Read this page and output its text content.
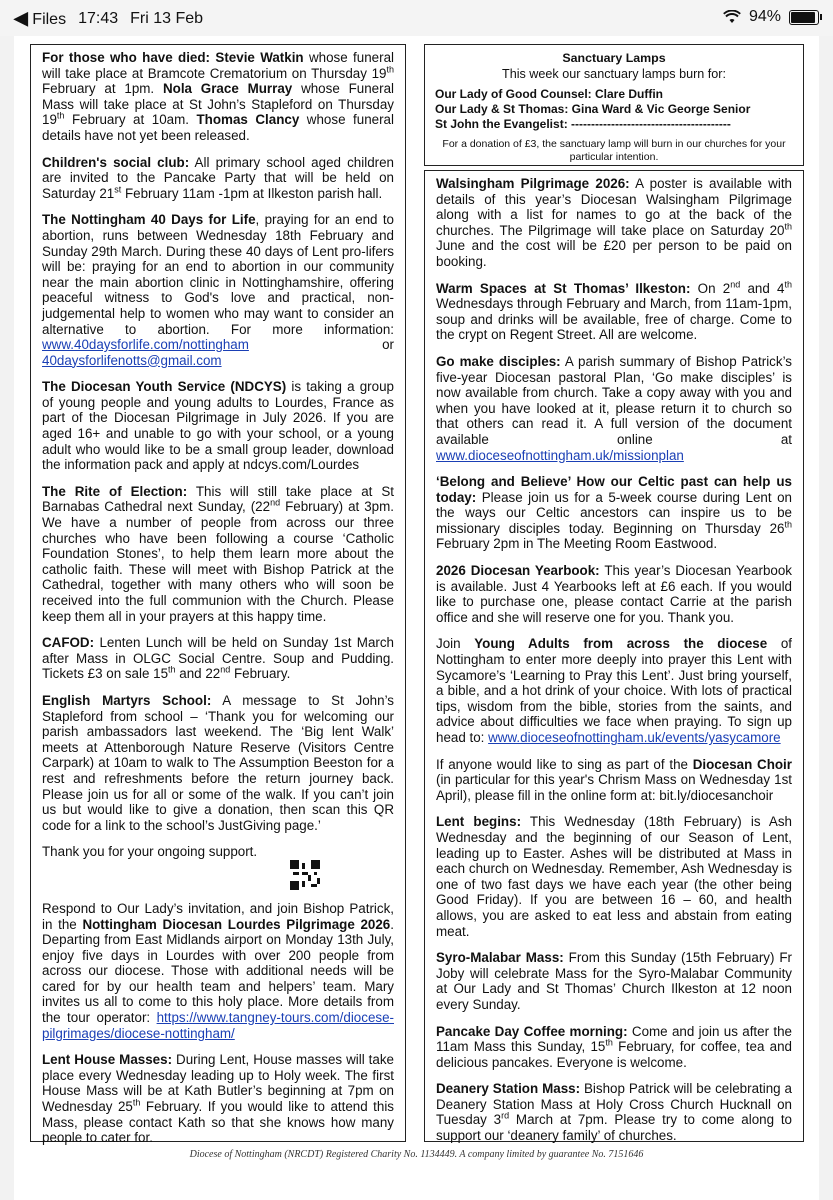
◀ Files 17:43 Fri 13 Feb	94%

For those who have died: Stevie Watkin whose funeral will take place at Bramcote Crematorium on Thursday 19th February at 1pm. Nola Grace Murray whose Funeral Mass will take place at St John’s Stapleford on Thursday 19th February at 10am. Thomas Clancy whose funeral details have not yet been released.

Children's social club: All primary school aged children are invited to the Pancake Party that will be held on Saturday 21st February 11am -1pm at Ilkeston parish hall.

The Nottingham 40 Days for Life, praying for an end to abortion, runs between Wednesday 18th February and Sunday 29th March. During these 40 days of Lent pro-lifers will be: praying for an end to abortion in our community near the main abortion clinic in Nottinghamshire, offering peaceful witness to God's love and practical, non-judgemental help to women who may want to consider an alternative to abortion. For more information: www.40daysforlife.com/nottingham or 40daysforlifenotts@gmail.com

The Diocesan Youth Service (NDCYS) is taking a group of young people and young adults to Lourdes, France as part of the Diocesan Pilgrimage in July 2026. If you are aged 16+ and unable to go with your school, or a young adult who would like to be a small group leader, download the information pack and apply at ndcys.com/Lourdes

The Rite of Election: This will still take place at St Barnabas Cathedral next Sunday, (22nd February) at 3pm. We have a number of people from across our three churches who have been following a course ‘Catholic Foundation Stones’, to help them learn more about the catholic faith. These will meet with Bishop Patrick at the Cathedral, together with many others who will soon be received into the full communion with the Church. Please keep them all in your prayers at this happy time.

CAFOD: Lenten Lunch will be held on Sunday 1st March after Mass in OLGC Social Centre. Soup and Pudding. Tickets £3 on sale 15th and 22nd February.

English Martyrs School: A message to St John’s Stapleford from school – ‘Thank you for welcoming our parish ambassadors last weekend. The ‘Big lent Walk’ meets at Attenborough Nature Reserve (Visitors Centre Carpark) at 10am to walk to The Assumption Beeston for a rest and refreshments before the return journey back. Please join us for all or some of the walk. If you can’t join us but would like to give a donation, then scan this QR code for a link to the school’s JustGiving page.’

Thank you for your ongoing support.

Respond to Our Lady’s invitation, and join Bishop Patrick, in the Nottingham Diocesan Lourdes Pilgrimage 2026. Departing from East Midlands airport on Monday 13th July, enjoy five days in Lourdes with over 200 people from across our diocese. Those with additional needs will be cared for by our health team and helpers’ team. Mary invites us all to come to this holy place. More details from the tour operator: https://www.tangney-tours.com/diocese-pilgrimages/diocese-nottingham/

Lent House Masses: During Lent, House masses will take place every Wednesday leading up to Holy week. The first House Mass will be at Kath Butler’s beginning at 7pm on Wednesday 25th February. If you would like to attend this Mass, please contact Kath so that she knows how many people to cater for.

Sanctuary Lamps
This week our sanctuary lamps burn for:
Our Lady of Good Counsel: Clare Duffin
Our Lady & St Thomas: Gina Ward & Vic George Senior
St John the Evangelist: ----------------------------------------
For a donation of £3, the sanctuary lamp will burn in our churches for your particular intention.

Walsingham Pilgrimage 2026: A poster is available with details of this year’s Diocesan Walsingham Pilgrimage along with a list for names to go at the back of the churches. The Pilgrimage will take place on Saturday 20th June and the cost will be £20 per person to be paid on booking.

Warm Spaces at St Thomas’ Ilkeston: On 2nd and 4th Wednesdays through February and March, from 11am-1pm, soup and drinks will be available, free of charge. Come to the crypt on Regent Street. All are welcome.

Go make disciples: A parish summary of Bishop Patrick’s five-year Diocesan pastoral Plan, ‘Go make disciples’ is now available from church. Take a copy away with you and when you have looked at it, please return it to church so that others can read it. A full version of the document available online at www.dioceseofnottingham.uk/missionplan

‘Belong and Believe’ How our Celtic past can help us today: Please join us for a 5-week course during Lent on the ways our Celtic ancestors can inspire us to be missionary disciples today. Beginning on Thursday 26th February 2pm in The Meeting Room Eastwood.

2026 Diocesan Yearbook: This year’s Diocesan Yearbook is available. Just 4 Yearbooks left at £6 each. If you would like to purchase one, please contact Carrie at the parish office and she will reserve one for you. Thank you.

Join Young Adults from across the diocese of Nottingham to enter more deeply into prayer this Lent with Sycamore’s ‘Learning to Pray this Lent’. Just bring yourself, a bible, and a hot drink of your choice. With lots of practical tips, wisdom from the bible, stories from the saints, and advice about difficulties we face when praying. To sign up head to: www.dioceseofnottingham.uk/events/yasycamore

If anyone would like to sing as part of the Diocesan Choir (in particular for this year's Chrism Mass on Wednesday 1st April), please fill in the online form at: bit.ly/diocesanchoir

Lent begins: This Wednesday (18th February) is Ash Wednesday and the beginning of our Season of Lent, leading up to Easter. Ashes will be distributed at Mass in each church on Wednesday. Remember, Ash Wednesday is one of two fast days we have each year (the other being Good Friday). If you are between 16 – 60, and health allows, you are asked to eat less and abstain from eating meat.

Syro-Malabar Mass: From this Sunday (15th February) Fr Joby will celebrate Mass for the Syro-Malabar Community at Our Lady and St Thomas’ Church Ilkeston at 12 noon every Sunday.

Pancake Day Coffee morning: Come and join us after the 11am Mass this Sunday, 15th February, for coffee, tea and delicious pancakes. Everyone is welcome.

Deanery Station Mass: Bishop Patrick will be celebrating a Deanery Station Mass at Holy Cross Church Hucknall on Tuesday 3rd March at 7pm. Please try to come along to support our ‘deanery family’ of churches.

Diocese of Nottingham (NRCDT) Registered Charity No. 1134449. A company limited by guarantee No. 7151646
